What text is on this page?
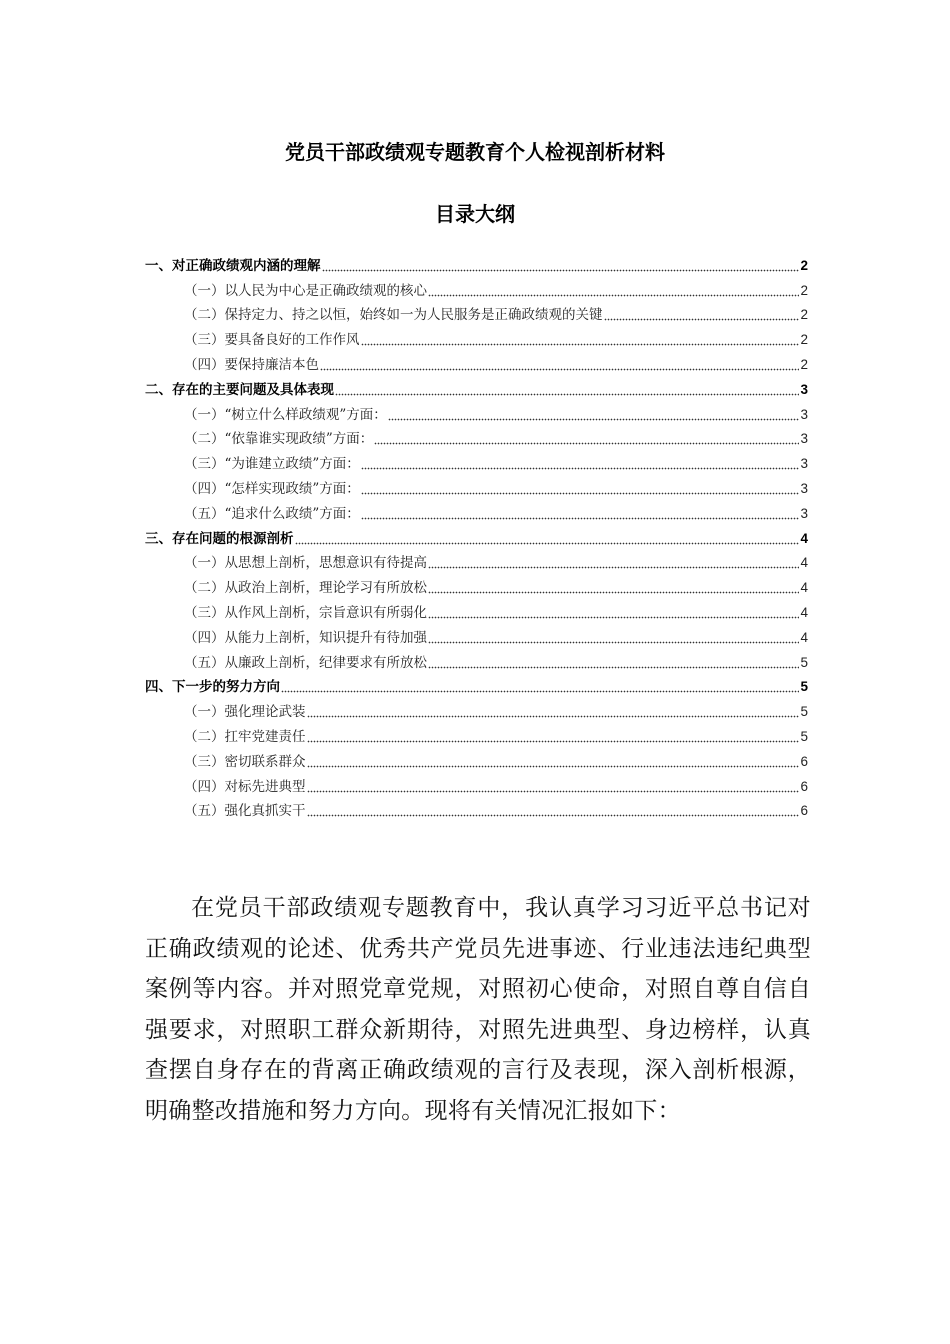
党员干部政绩观专题教育个人检视剖析材料
目录大纲
一、对正确政绩观内涵的理解	2
（一）以人民为中心是正确政绩观的核心	2
（二）保持定力、持之以恒，始终如一为人民服务是正确政绩观的关键	2
（三）要具备良好的工作作风	2
（四）要保持廉洁本色	2
二、存在的主要问题及具体表现	3
（一）“树立什么样政绩观”方面：	3
（二）“依靠谁实现政绩”方面：	3
（三）“为谁建立政绩”方面：	3
（四）“怎样实现政绩”方面：	3
（五）“追求什么政绩”方面：	3
三、存在问题的根源剖析	4
（一）从思想上剖析，思想意识有待提高	4
（二）从政治上剖析，理论学习有所放松	4
（三）从作风上剖析，宗旨意识有所弱化	4
（四）从能力上剖析，知识提升有待加强	4
（五）从廉政上剖析，纪律要求有所放松	5
四、下一步的努力方向	5
（一）强化理论武装	5
（二）扛牢党建责任	5
（三）密切联系群众	6
（四）对标先进典型	6
（五）强化真抓实干	6

在党员干部政绩观专题教育中，我认真学习习近平总书记对正确政绩观的论述、优秀共产党员先进事迹、行业违法违纪典型案例等内容。并对照党章党规，对照初心使命，对照自尊自信自强要求，对照职工群众新期待，对照先进典型、身边榜样，认真查摆自身存在的背离正确政绩观的言行及表现，深入剖析根源，明确整改措施和努力方向。现将有关情况汇报如下：
